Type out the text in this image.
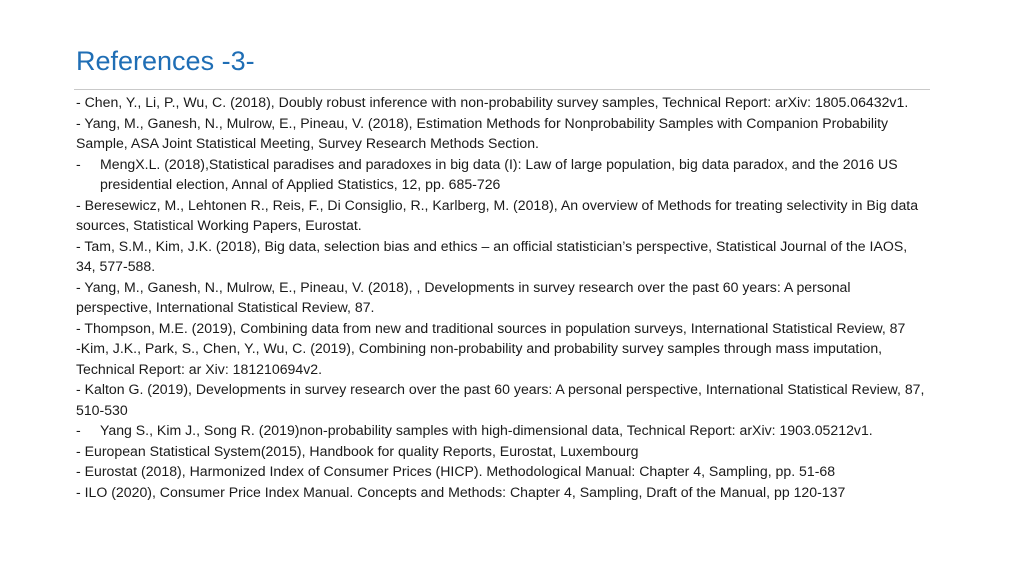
References -3-

- Chen, Y., Li, P., Wu, C. (2018), Doubly robust inference with non-probability survey samples, Technical Report: arXiv: 1805.06432v1.

- Yang, M., Ganesh, N., Mulrow, E., Pineau, V. (2018), Estimation Methods for Nonprobability Samples with Companion Probability Sample, ASA Joint Statistical Meeting, Survey Research Methods Section.

- MengX.L. (2018),Statistical paradises and paradoxes in big data (I): Law of large population, big data paradox, and the 2016 US presidential election, Annal of Applied Statistics, 12, pp. 685-726

- Beresewicz, M., Lehtonen R., Reis, F., Di Consiglio, R., Karlberg, M. (2018), An overview of Methods for treating selectivity in Big data sources, Statistical Working Papers, Eurostat.

- Tam, S.M., Kim, J.K. (2018), Big data, selection bias and ethics – an official statistician’s perspective, Statistical Journal of the IAOS, 34, 577-588.

- Yang, M., Ganesh, N., Mulrow, E., Pineau, V. (2018), , Developments in survey research over the past 60 years: A personal perspective, International Statistical Review, 87.

- Thompson, M.E. (2019), Combining data from new and traditional sources in population surveys, International Statistical Review, 87

-Kim, J.K., Park, S., Chen, Y., Wu, C. (2019), Combining non-probability and probability survey samples through mass imputation, Technical Report: ar Xiv: 181210694v2.

- Kalton G. (2019), Developments in survey research over the past 60 years: A personal perspective, International Statistical Review, 87, 510-530

- Yang S., Kim J., Song R. (2019)non-probability samples with high-dimensional data, Technical Report: arXiv: 1903.05212v1.

- European Statistical System(2015), Handbook for quality Reports, Eurostat, Luxembourg

- Eurostat (2018), Harmonized Index of Consumer Prices (HICP). Methodological Manual: Chapter 4, Sampling, pp. 51-68

- ILO (2020), Consumer Price Index Manual. Concepts and Methods: Chapter 4, Sampling, Draft of the Manual, pp 120-137
